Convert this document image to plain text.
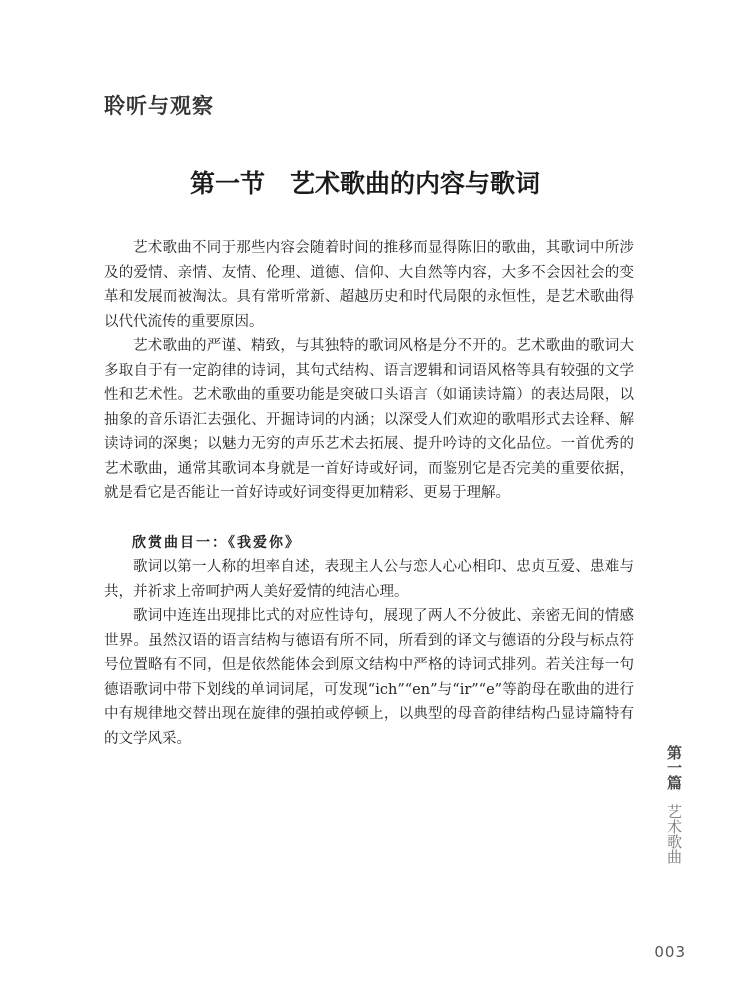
聆听与观察
第一节　艺术歌曲的内容与歌词

艺术歌曲不同于那些内容会随着时间的推移而显得陈旧的歌曲，其歌词中所涉及的爱情、亲情、友情、伦理、道德、信仰、大自然等内容，大多不会因社会的变革和发展而被淘汰。具有常听常新、超越历史和时代局限的永恒性，是艺术歌曲得以代代流传的重要原因。

艺术歌曲的严谨、精致，与其独特的歌词风格是分不开的。艺术歌曲的歌词大多取自于有一定韵律的诗词，其句式结构、语言逻辑和词语风格等具有较强的文学性和艺术性。艺术歌曲的重要功能是突破口头语言（如诵读诗篇）的表达局限，以抽象的音乐语汇去强化、开掘诗词的内涵；以深受人们欢迎的歌唱形式去诠释、解读诗词的深奥；以魅力无穷的声乐艺术去拓展、提升吟诗的文化品位。一首优秀的艺术歌曲，通常其歌词本身就是一首好诗或好词，而鉴别它是否完美的重要依据，就是看它是否能让一首好诗或好词变得更加精彩、更易于理解。

欣赏曲目一：《我爱你》

歌词以第一人称的坦率自述，表现主人公与恋人心心相印、忠贞互爱、患难与共，并祈求上帝呵护两人美好爱情的纯洁心理。

歌词中连连出现排比式的对应性诗句，展现了两人不分彼此、亲密无间的情感世界。虽然汉语的语言结构与德语有所不同，所看到的译文与德语的分段与标点符号位置略有不同，但是依然能体会到原文结构中严格的诗词式排列。若关注每一句德语歌词中带下划线的单词词尾，可发现“ich”“en”与“ir”“e”等韵母在歌曲的进行中有规律地交替出现在旋律的强拍或停顿上，以典型的母音韵律结构凸显诗篇特有的文学风采。

第一篇
艺术歌曲
003
